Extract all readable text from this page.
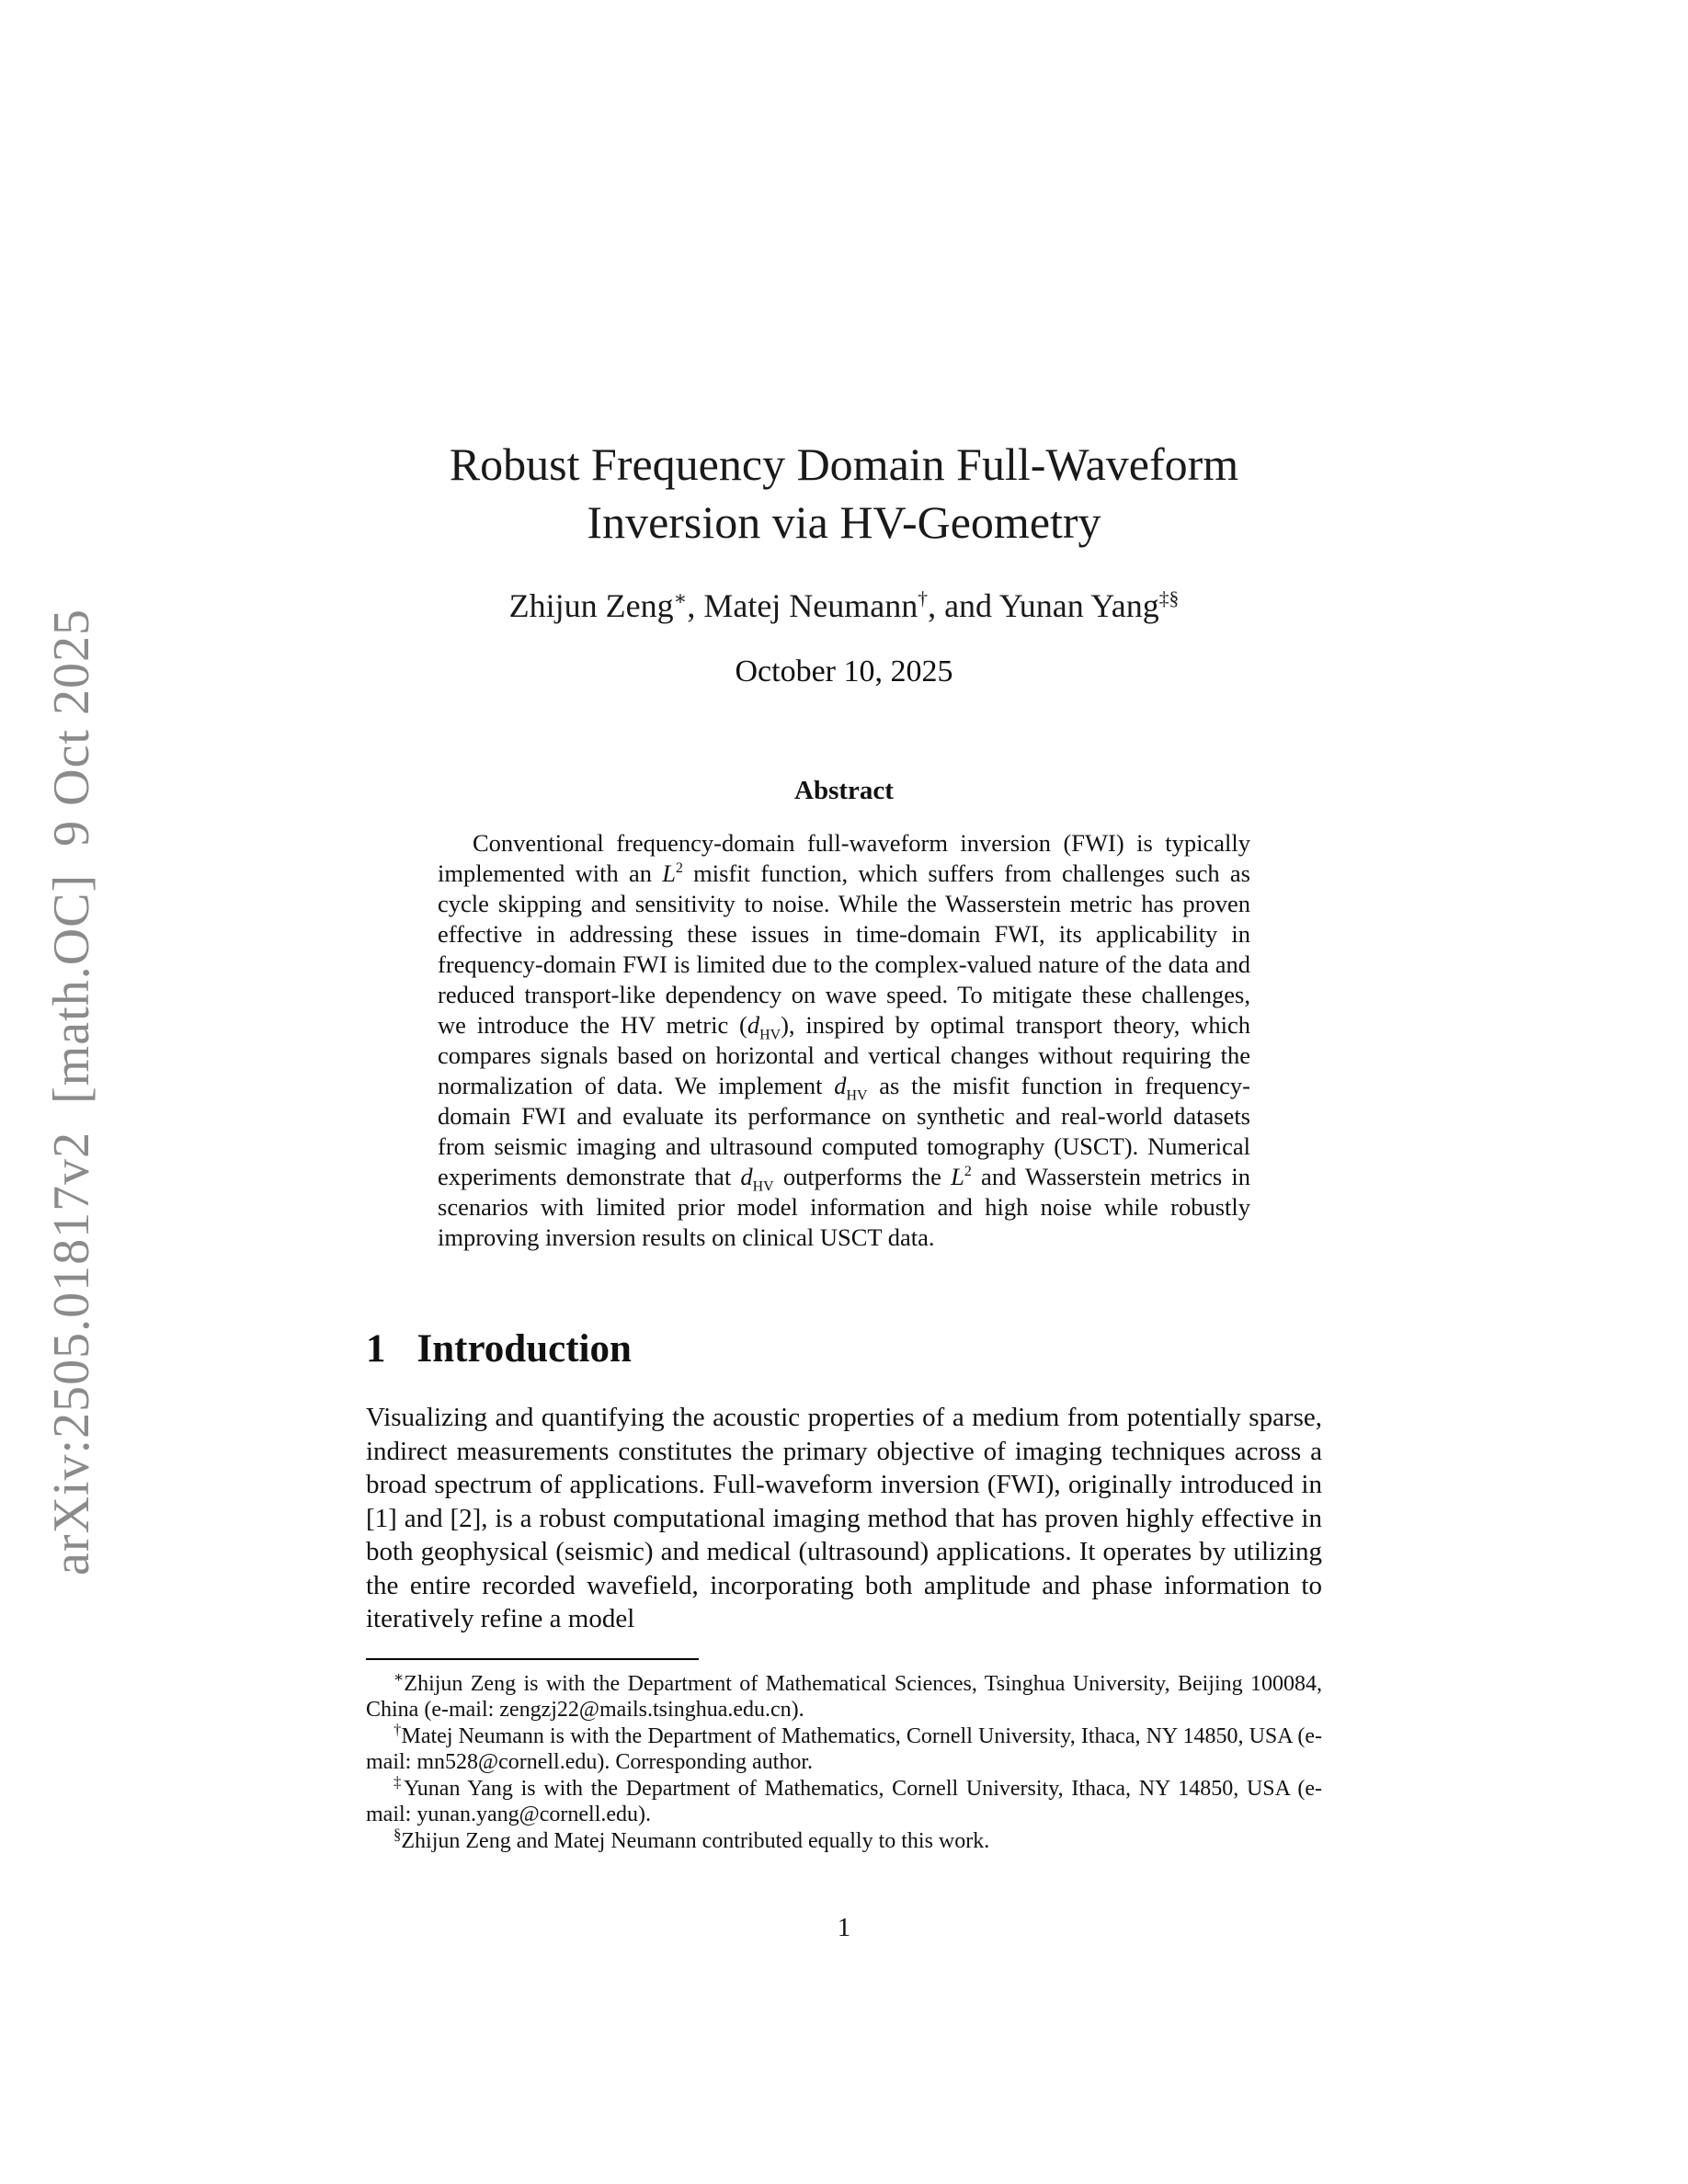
arXiv:2505.01817v2  [math.OC]  9 Oct 2025
Robust Frequency Domain Full-Waveform
Inversion via HV-Geometry
Zhijun Zeng∗, Matej Neumann†, and Yunan Yang‡§
October 10, 2025
Abstract
Conventional frequency-domain full-waveform inversion (FWI) is typically implemented with an $L^2$ misfit function, which suffers from challenges such as cycle skipping and sensitivity to noise. While the Wasserstein metric has proven effective in addressing these issues in time-domain FWI, its applicability in frequency-domain FWI is limited due to the complex-valued nature of the data and reduced transport-like dependency on wave speed. To mitigate these challenges, we introduce the HV metric $(d_{HV})$, inspired by optimal transport theory, which compares signals based on horizontal and vertical changes without requiring the normalization of data. We implement $d_{HV}$ as the misfit function in frequency-domain FWI and evaluate its performance on synthetic and real-world datasets from seismic imaging and ultrasound computed tomography (USCT). Numerical experiments demonstrate that $d_{HV}$ outperforms the $L^2$ and Wasserstein metrics in scenarios with limited prior model information and high noise while robustly improving inversion results on clinical USCT data.
1 Introduction
Visualizing and quantifying the acoustic properties of a medium from potentially sparse, indirect measurements constitutes the primary objective of imaging techniques across a broad spectrum of applications. Full-waveform inversion (FWI), originally introduced in [1] and [2], is a robust computational imaging method that has proven highly effective in both geophysical (seismic) and medical (ultrasound) applications. It operates by utilizing the entire recorded wavefield, incorporating both amplitude and phase information to iteratively refine a model

∗Zhijun Zeng is with the Department of Mathematical Sciences, Tsinghua University, Beijing 100084, China (e-mail: zengzj22@mails.tsinghua.edu.cn).

†Matej Neumann is with the Department of Mathematics, Cornell University, Ithaca, NY 14850, USA (e-mail: mn528@cornell.edu). Corresponding author.

‡Yunan Yang is with the Department of Mathematics, Cornell University, Ithaca, NY 14850, USA (e-mail: yunan.yang@cornell.edu).

§Zhijun Zeng and Matej Neumann contributed equally to this work.

1
